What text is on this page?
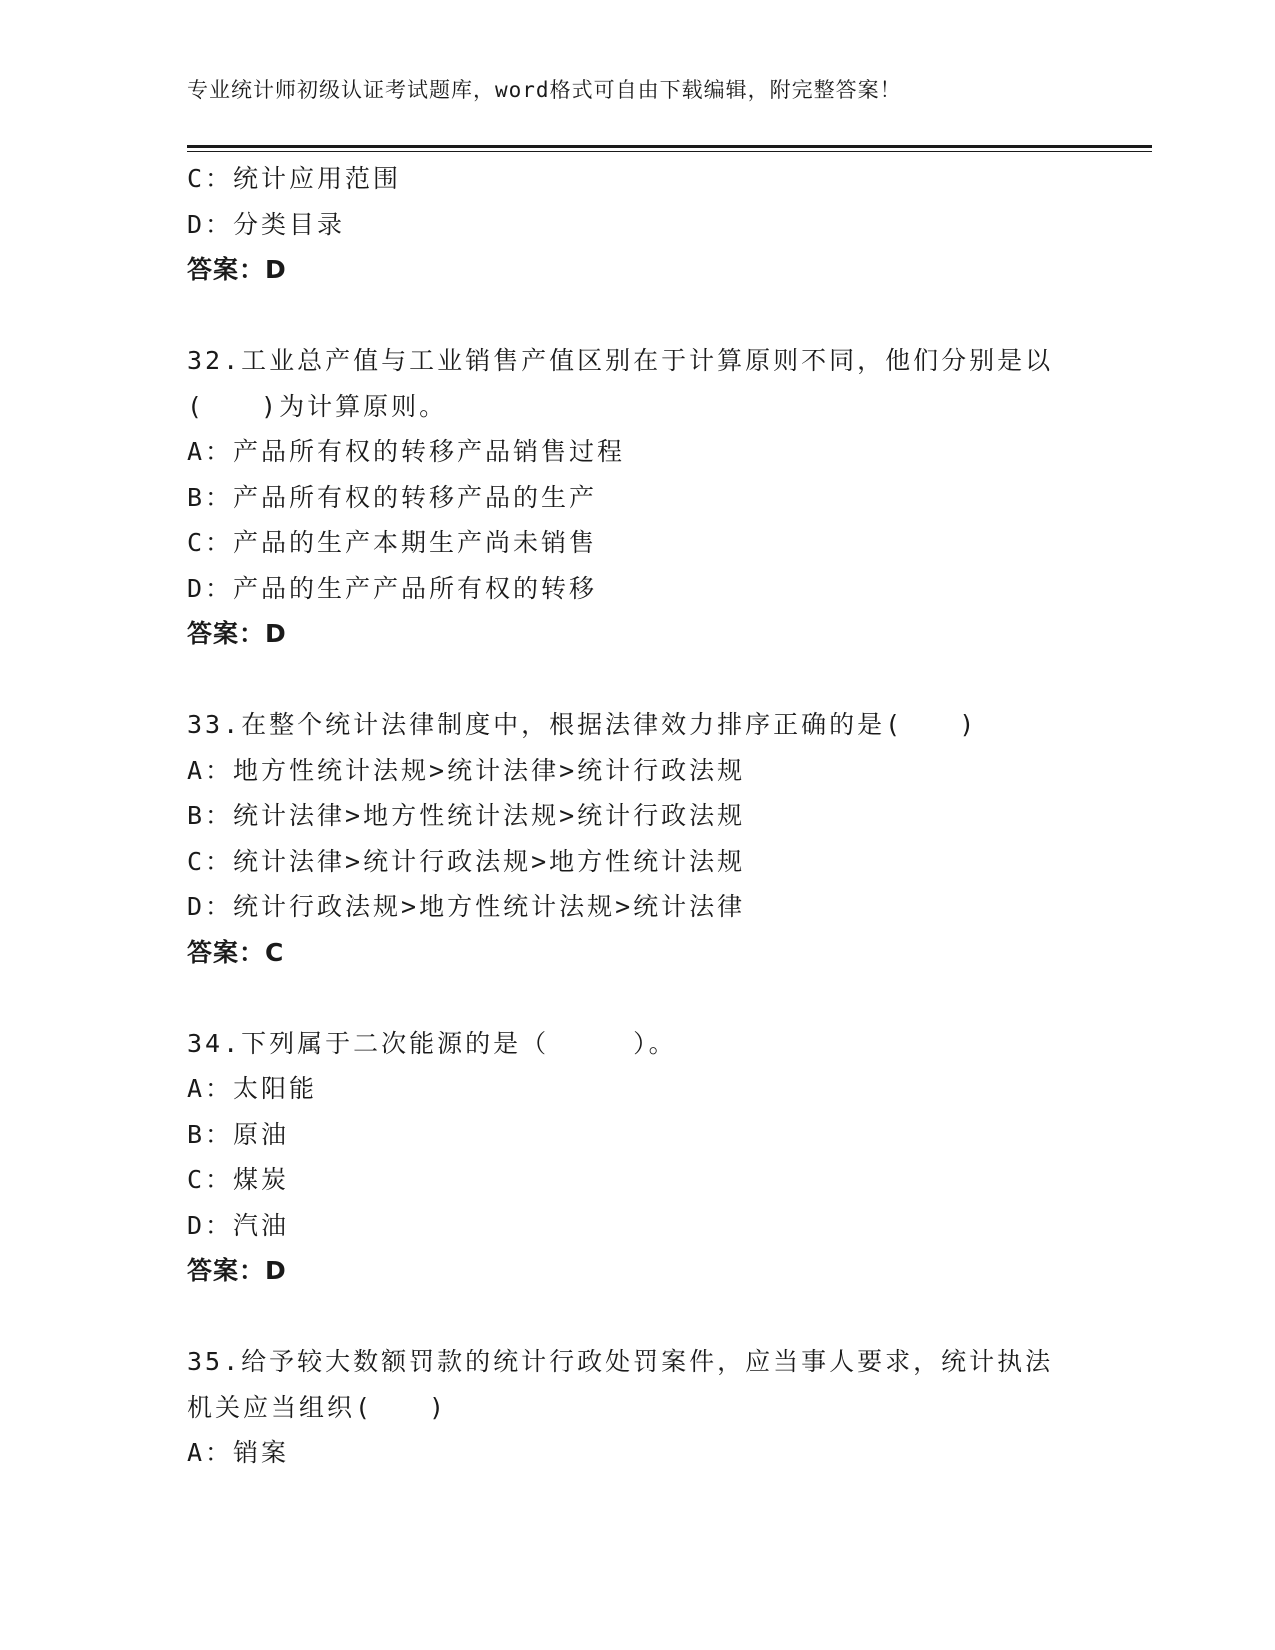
专业统计师初级认证考试题库，word格式可自由下载编辑，附完整答案！
C：统计应用范围
D：分类目录
答案：D
32.工业总产值与工业销售产值区别在于计算原则不同，他们分别是以
(　　)为计算原则。
A：产品所有权的转移产品销售过程
B：产品所有权的转移产品的生产
C：产品的生产本期生产尚未销售
D：产品的生产产品所有权的转移
答案：D
33.在整个统计法律制度中，根据法律效力排序正确的是(　　)
A：地方性统计法规>统计法律>统计行政法规
B：统计法律>地方性统计法规>统计行政法规
C：统计法律>统计行政法规>地方性统计法规
D：统计行政法规>地方性统计法规>统计法律
答案：C
34.下列属于二次能源的是（　　　）。
A：太阳能
B：原油
C：煤炭
D：汽油
答案：D
35.给予较大数额罚款的统计行政处罚案件，应当事人要求，统计执法
机关应当组织(　　)
A：销案
